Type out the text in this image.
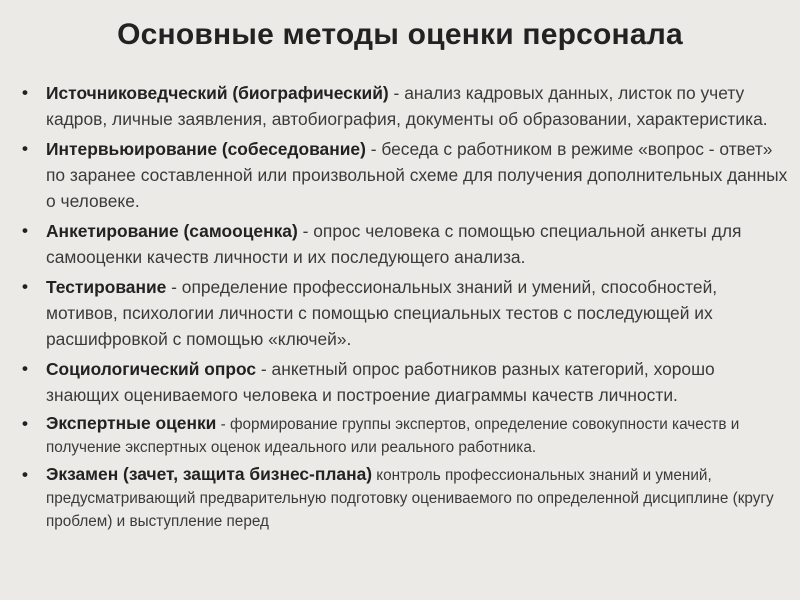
Основные методы оценки персонала
• Источниковедческий (биографический) - анализ кадровых данных, листок по учету кадров, личные заявления, автобиография, документы об образовании, характеристика.
• Интервьюирование (собеседование) - беседа с работником в режиме «вопрос - ответ» по заранее составленной или произвольной схеме для получения дополнительных данных о человеке.
• Анкетирование (самооценка) - опрос человека с помощью специальной анкеты для самооценки качеств личности и их последующего анализа.
• Тестирование - определение профессиональных знаний и умений, способностей, мотивов, психологии личности с помощью специальных тестов с последующей их расшифровкой с помощью «ключей».
• Социологический опрос - анкетный опрос работников разных категорий, хорошо знающих оцениваемого человека и построение диаграммы качеств личности.
• Экспертные оценки - формирование группы экспертов, определение совокупности качеств и получение экспертных оценок идеального или реального работника.
• Экзамен (зачет, защита бизнес-плана) контроль профессиональных знаний и умений, предусматривающий предварительную подготовку оцениваемого по определенной дисциплине (кругу проблем) и выступление перед
